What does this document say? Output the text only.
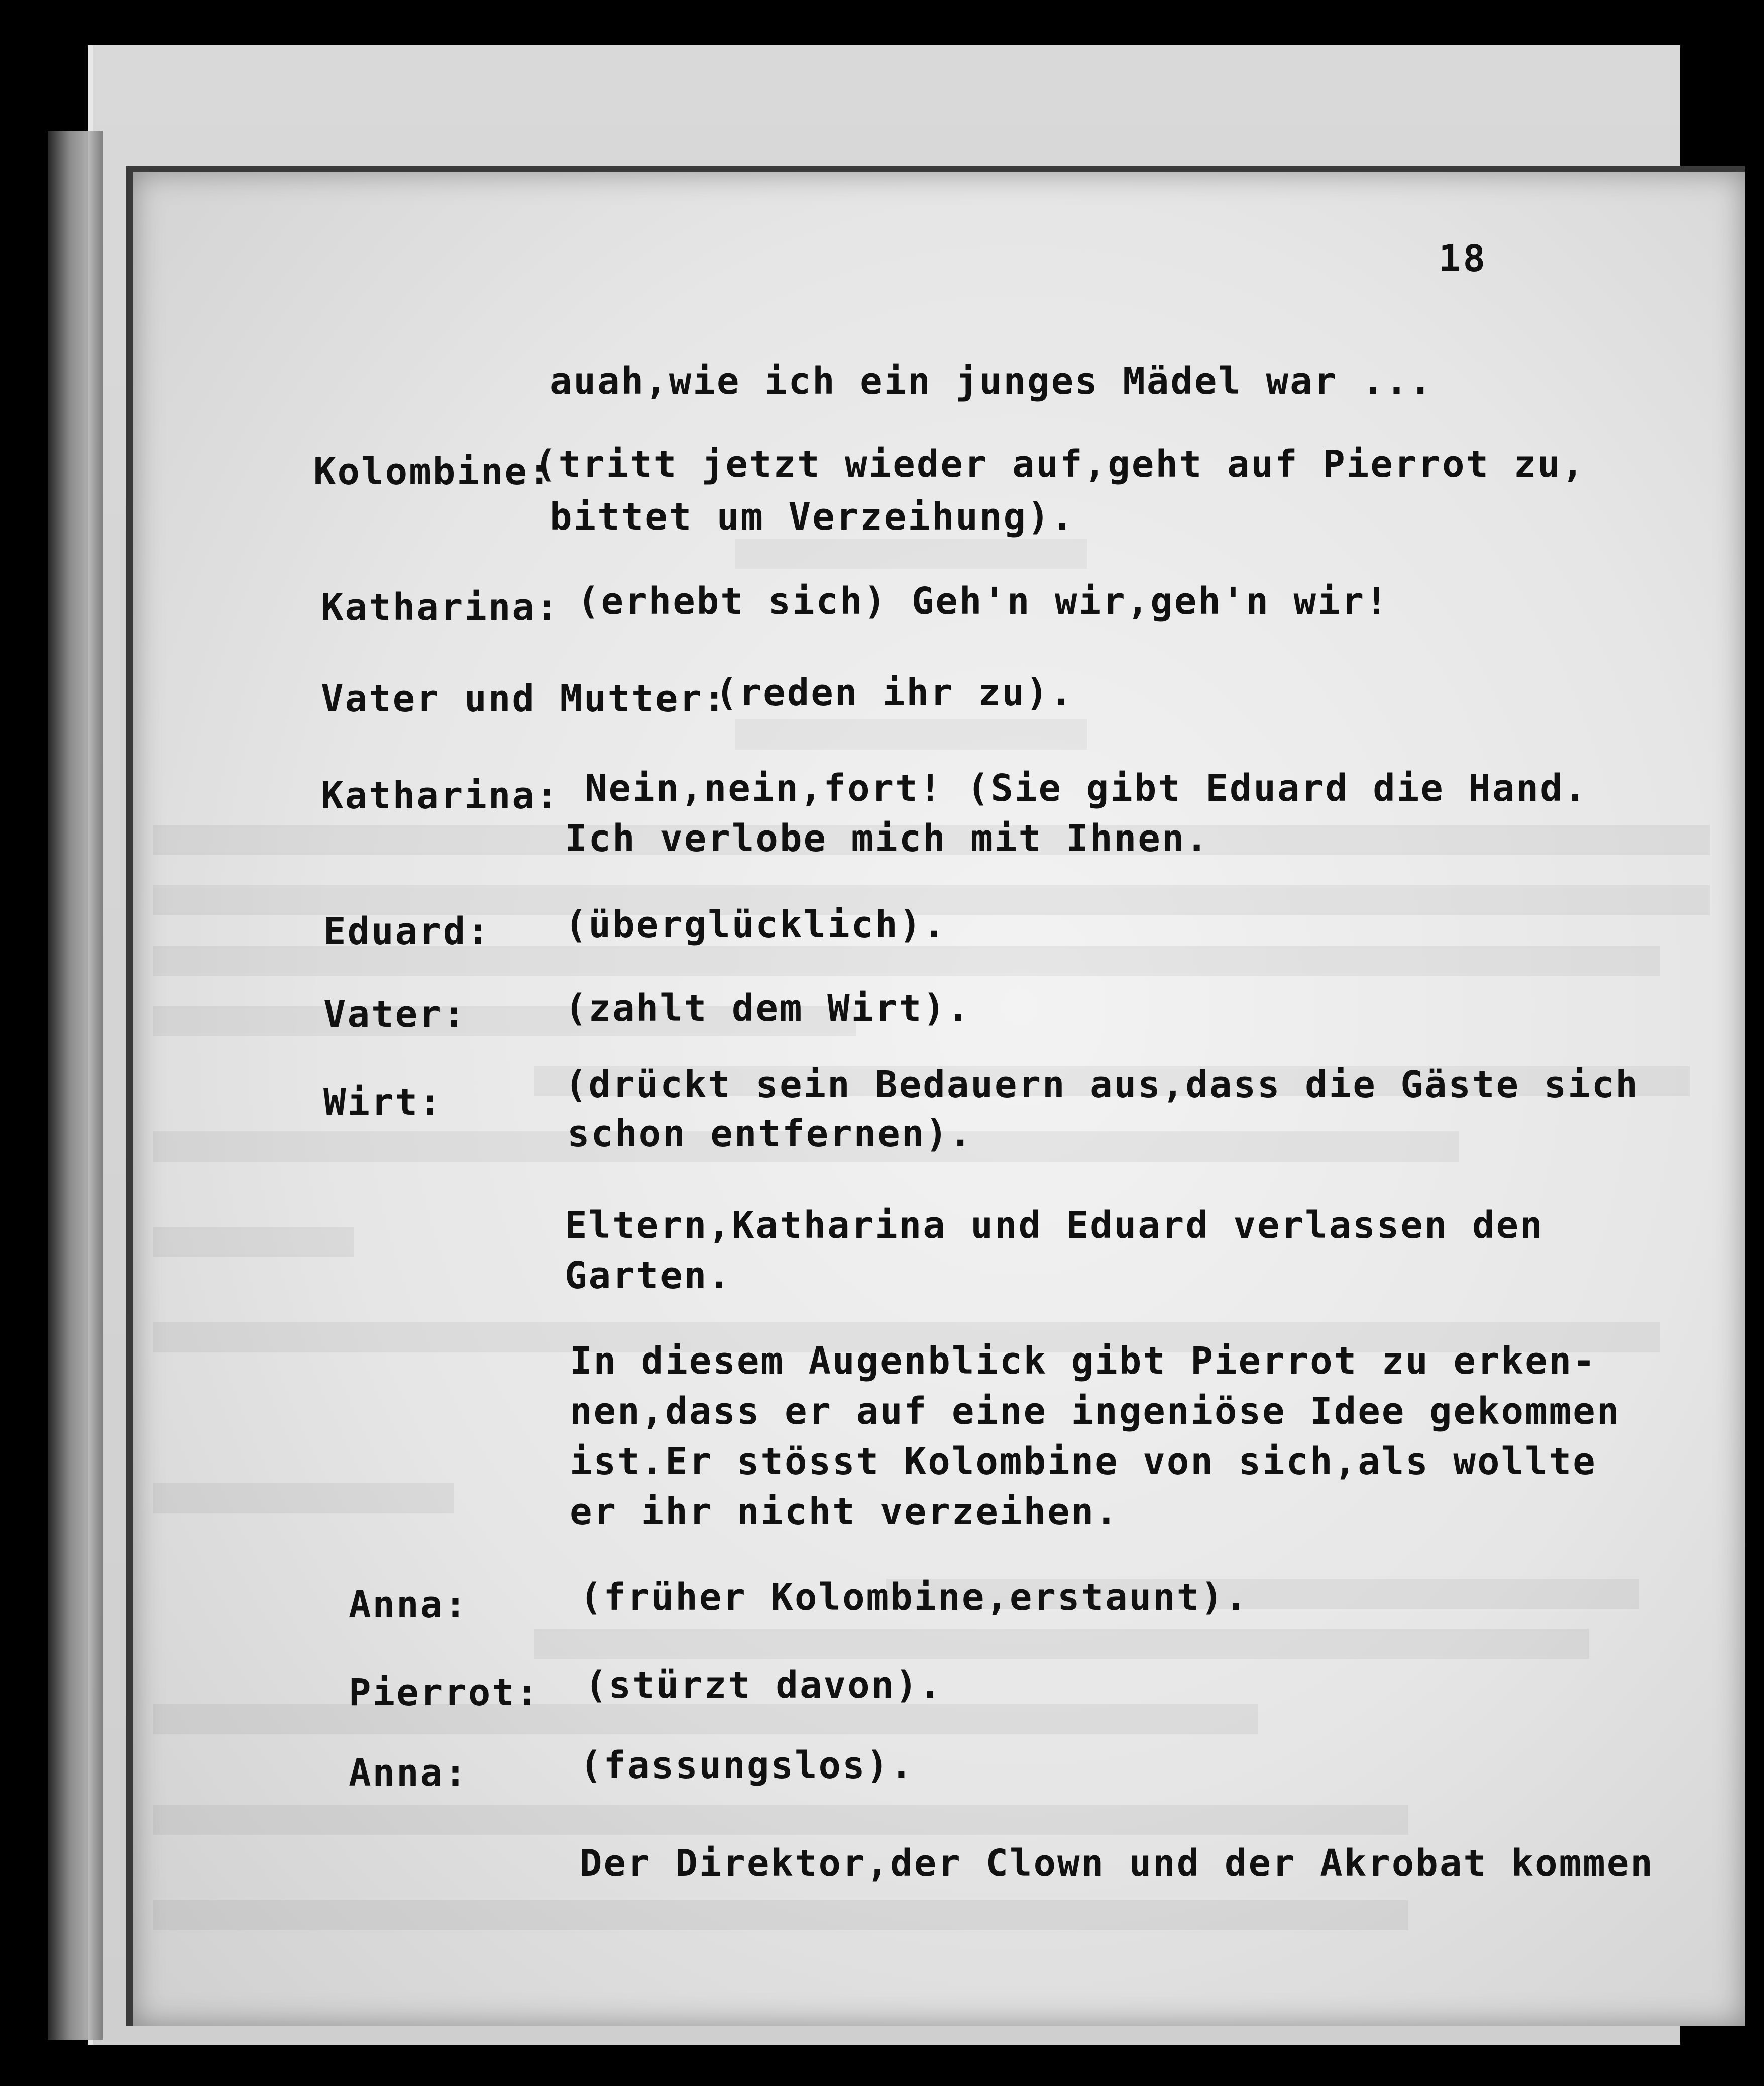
18
auah,wie ich ein junges Mädel war ...
Kolombine:
(tritt jetzt wieder auf,geht auf Pierrot zu,
bittet um Verzeihung).
Katharina: (erhebt sich) Geh'n wir,geh'n wir!
Vater und Mutter:
(reden ihr zu).
Katharina: Nein,nein,fort! (Sie gibt Eduard die Hand.
Ich verlobe mich mit Ihnen.
Eduard: (überglücklich).
Vater:	(zahlt dem Wirt).
Wirt:	(drückt sein Bedauern aus,dass die Gäste sich
schon entfernen).
Eltern,Katharina und Eduard verlassen den
Garten.
In diesem Augenblick gibt Pierrot zu erken-
nen,dass er auf eine ingeniöse Idee gekommen
ist.Er stösst Kolombine von sich,als wollte
er ihr nicht verzeihen.
Anna:	(früher Kolombine,erstaunt).
Pierrot: (stürzt davon).
Anna:	(fassungslos).
Der Direktor,der Clown und der Akrobat kommen
